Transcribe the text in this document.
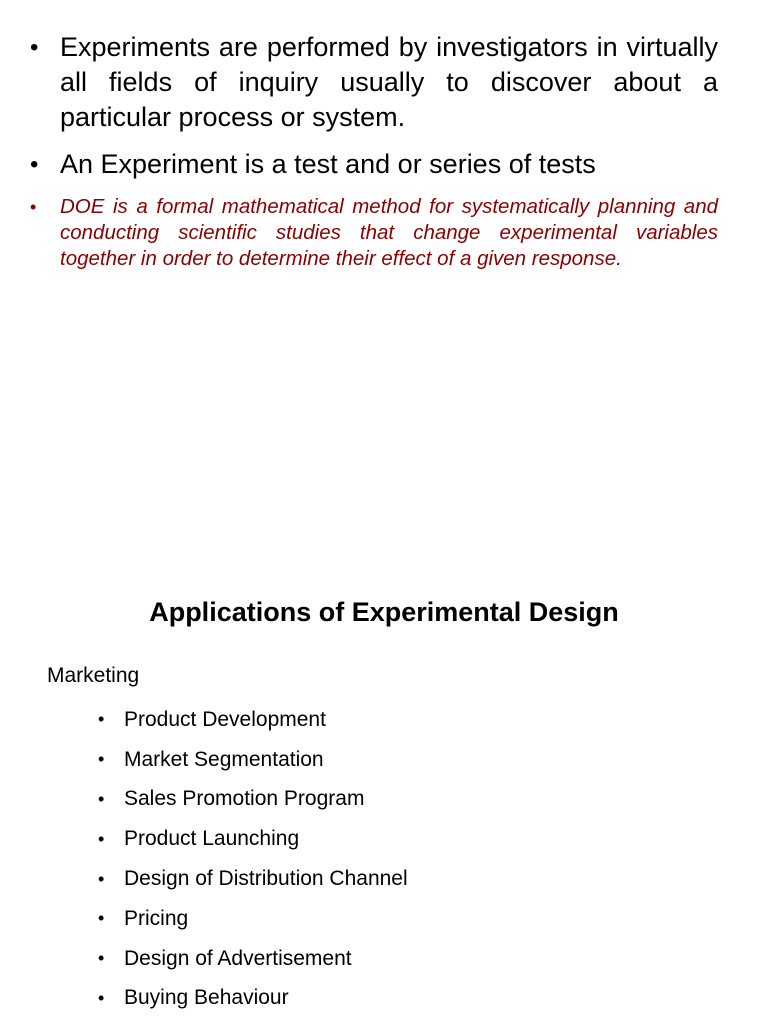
• Experiments are performed by investigators in virtually all fields of inquiry usually to discover about a particular process or system.
• An Experiment is a test and or series of tests
•	DOE is a formal mathematical method for systematically planning and conducting scientific studies that change experimental variables together in order to determine their effect of a given response.
Applications of Experimental Design
Marketing
• Product Development
• Market Segmentation
• Sales Promotion Program
• Product Launching
• Design of Distribution Channel
• Pricing
• Design of Advertisement
• Buying Behaviour
